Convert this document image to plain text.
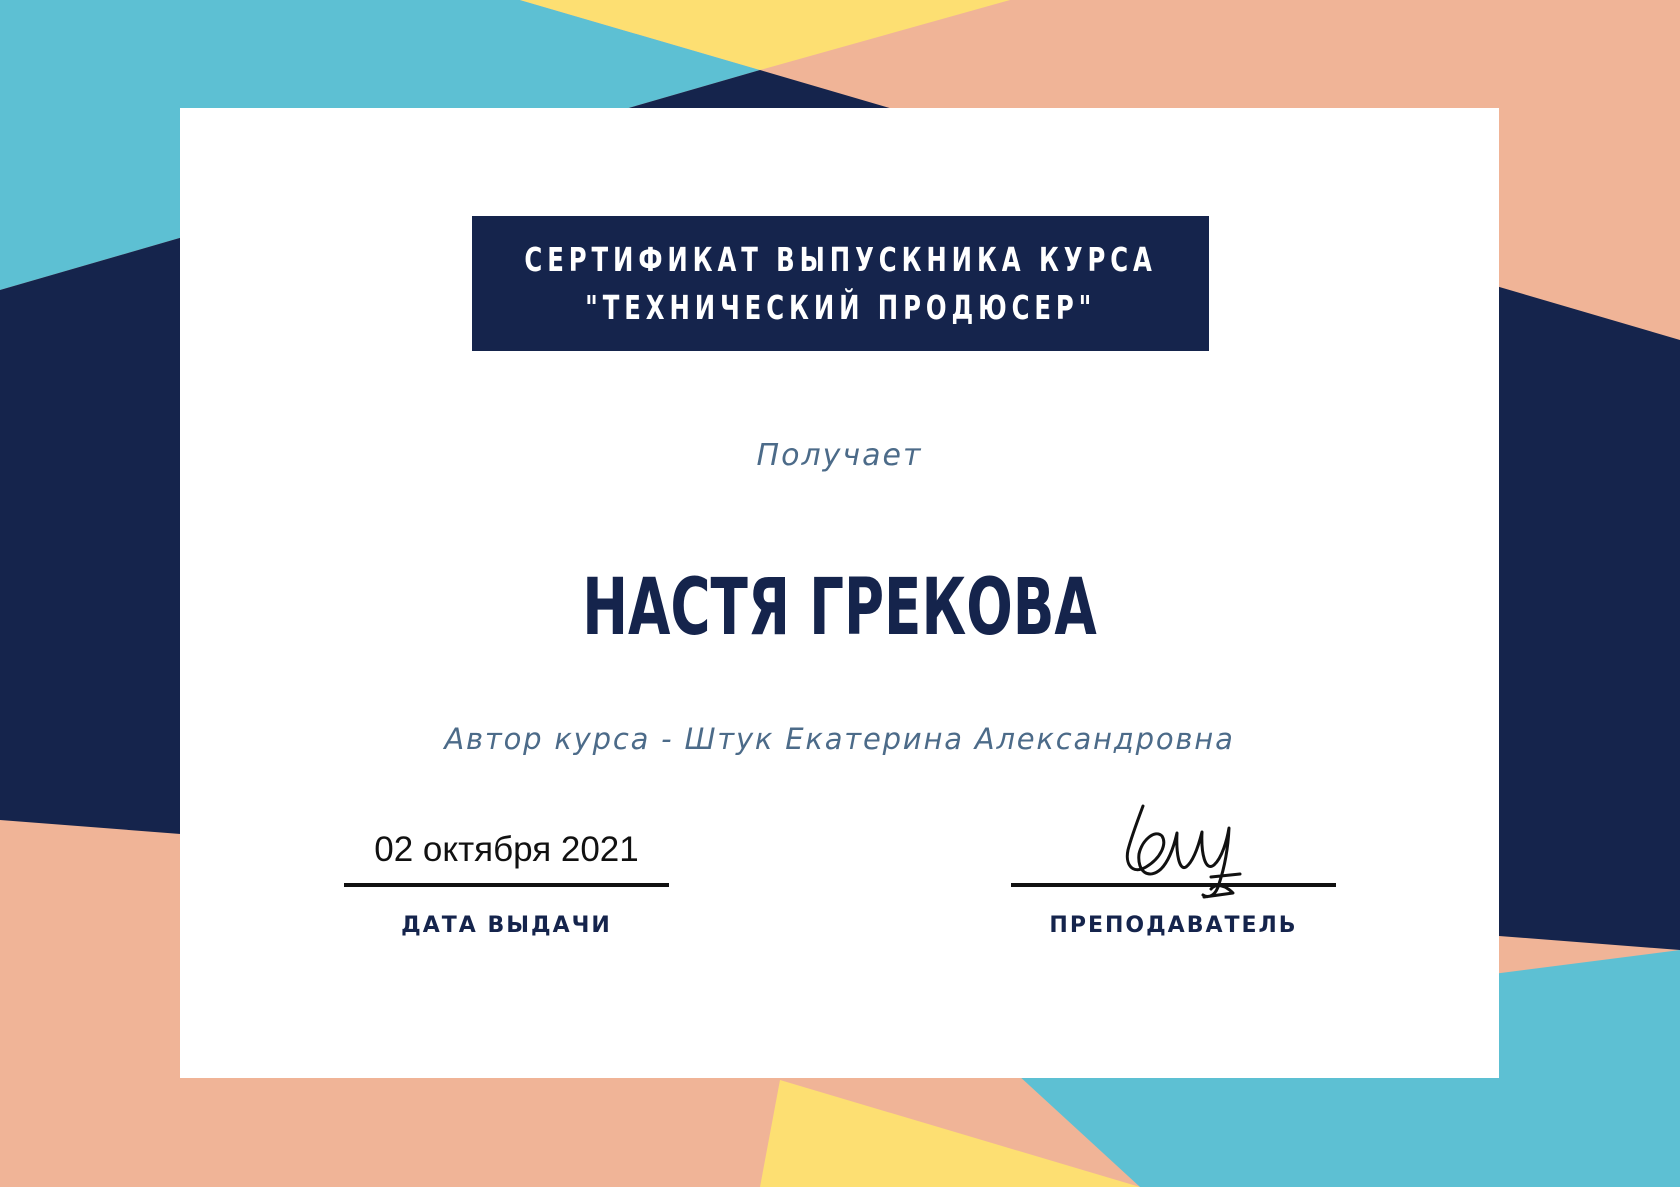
СЕРТИФИКАТ ВЫПУСКНИКА КУРСА
"ТЕХНИЧЕСКИЙ ПРОДЮСЕР"
Получает
НАСТЯ ГРЕКОВА
Автор курса - Штук Екатерина Александровна
02 октября 2021
ДАТА ВЫДАЧИ	ПРЕПОДАВАТЕЛЬ
